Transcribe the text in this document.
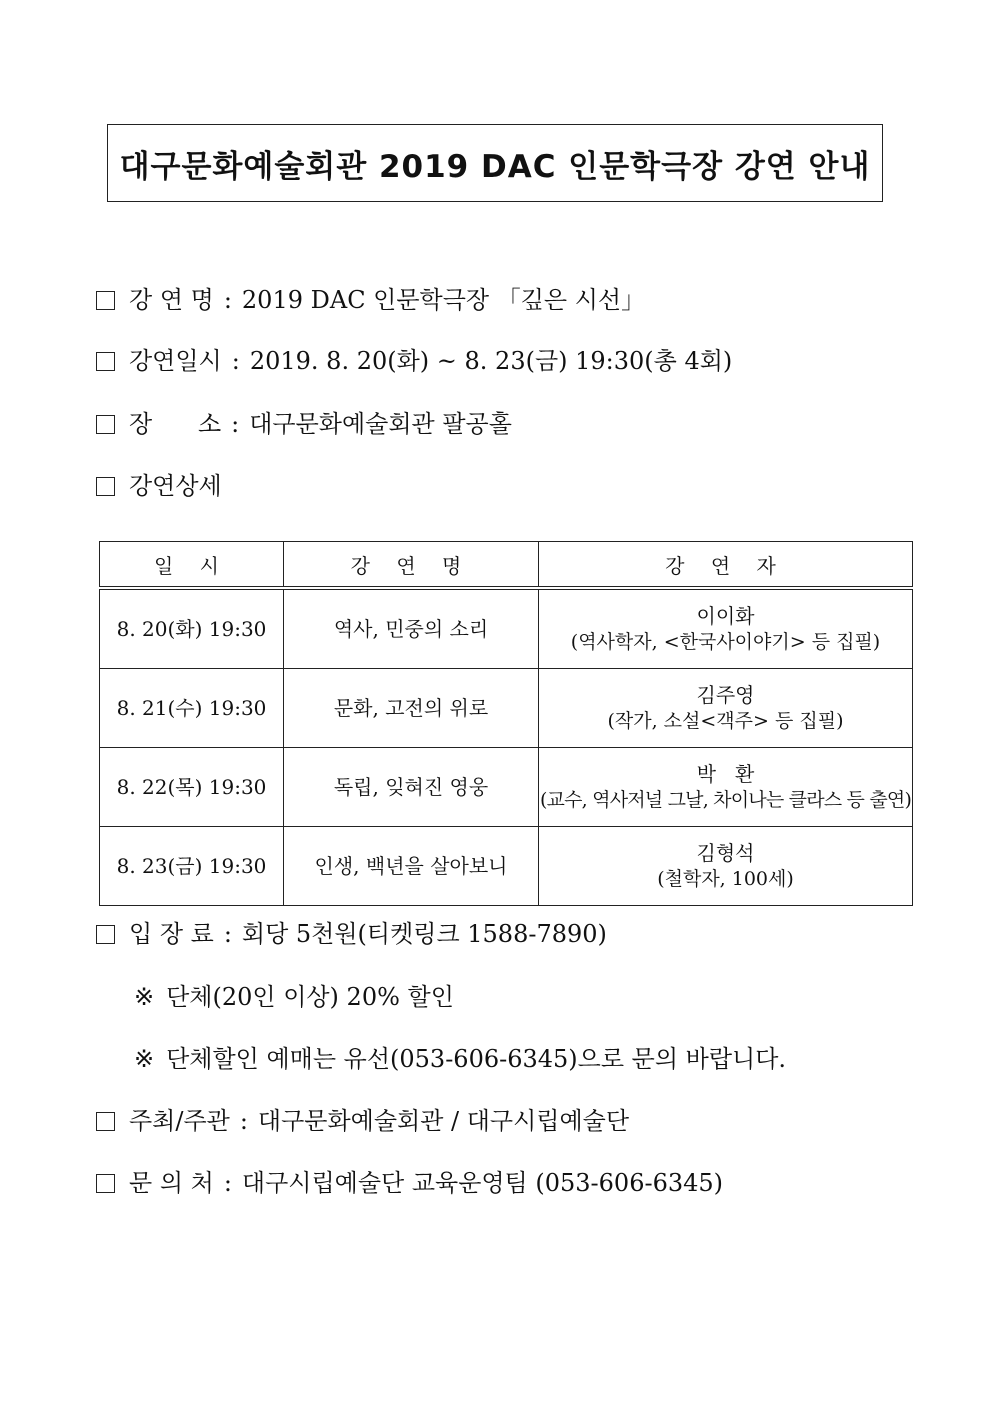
대구문화예술회관 2019 DAC 인문학극장 강연 안내
강 연 명 : 2019 DAC 인문학극장 「깊은 시선」
강연일시 : 2019. 8. 20(화) ~ 8. 23(금) 19:30(총 4회)
장      소 : 대구문화예술회관 팔공홀
강연상세
일 시	강 연 명	강 연 자
8. 20(화) 19:30	역사, 민중의 소리	이이화
(역사학자, <한국사이야기> 등 집필)

8. 21(수) 19:30	문화, 고전의 위로	김주영
(작가, 소설<객주> 등 집필)

8. 22(목) 19:30	독립, 잊혀진 영웅	박   환
(교수, 역사저널 그날, 차이나는 클라스 등 출연)

8. 23(금) 19:30	인생, 백년을 살아보니	김형석
(철학자, 100세)
입 장 료 : 회당 5천원(티켓링크 1588-7890)
※ 단체(20인 이상) 20% 할인
※ 단체할인 예매는 유선(053-606-6345)으로 문의 바랍니다.
주최/주관 : 대구문화예술회관 / 대구시립예술단
문 의 처 : 대구시립예술단 교육운영팀 (053-606-6345)
